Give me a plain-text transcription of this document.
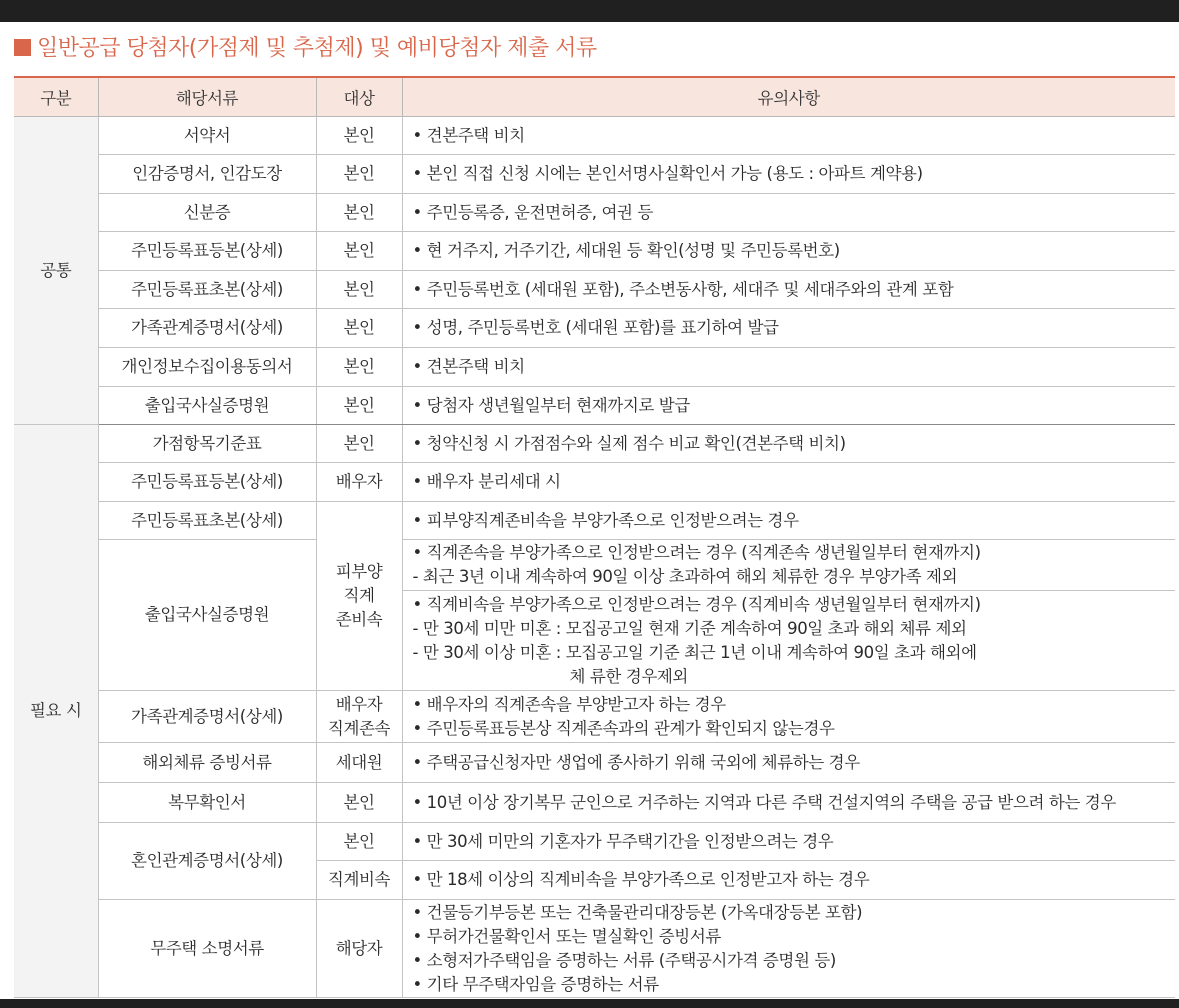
일반공급 당첨자(가점제 및 추첨제) 및 예비당첨자 제출 서류
구분	해당서류	대상	유의사항
공통	서약서	본인	• 견본주택 비치

	인감증명서, 인감도장	본인	• 본인 직접 신청 시에는 본인서명사실확인서 가능 (용도 : 아파트 계약용)

	신분증	본인	• 주민등록증, 운전면허증, 여권 등

	주민등록표등본(상세)	본인	• 현 거주지, 거주기간, 세대원 등 확인(성명 및 주민등록번호)

	주민등록표초본(상세)	본인	• 주민등록번호 (세대원 포함), 주소변동사항, 세대주 및 세대주와의 관계 포함

	가족관계증명서(상세)	본인	• 성명, 주민등록번호 (세대원 포함)를 표기하여 발급

	개인정보수집이용동의서	본인	• 견본주택 비치

	출입국사실증명원	본인	• 당첨자 생년월일부터 현재까지로 발급

필요 시	가점항목기준표	본인	• 청약신청 시 가점점수와 실제 점수 비교 확인(견본주택 비치)

	주민등록표등본(상세)	배우자	• 배우자 분리세대 시

	주민등록표초본(상세)	피부양
직계
존비속	• 피부양직계존비속을 부양가족으로 인정받으려는 경우

	출입국사실증명원		• 직계존속을 부양가족으로 인정받으려는 경우 (직계존속 생년월일부터 현재까지)
- 최근 3년 이내 계속하여 90일 이상 초과하여 해외 체류한 경우 부양가족 제외

			• 직계비속을 부양가족으로 인정받으려는 경우 (직계비속 생년월일부터 현재까지)
- 만 30세 미만 미혼 : 모집공고일 현재 기준 계속하여 90일 초과 해외 체류 제외
- 만 30세 이상 미혼 : 모집공고일 기준 최근 1년 이내 계속하여 90일 초과 해외에
체 류한 경우제외

	가족관계증명서(상세)	배우자
직계존속	• 배우자의 직계존속을 부양받고자 하는 경우
• 주민등록표등본상 직계존속과의 관계가 확인되지 않는경우

	해외체류 증빙서류	세대원	• 주택공급신청자만 생업에 종사하기 위해 국외에 체류하는 경우

	복무확인서	본인	• 10년 이상 장기복무 군인으로 거주하는 지역과 다른 주택 건설지역의 주택을 공급 받으려 하는 경우

	혼인관계증명서(상세)	본인	• 만 30세 미만의 기혼자가 무주택기간을 인정받으려는 경우

		직계비속	• 만 18세 이상의 직계비속을 부양가족으로 인정받고자 하는 경우

	무주택 소명서류	해당자	• 건물등기부등본 또는 건축물관리대장등본 (가옥대장등본 포함)
• 무허가건물확인서 또는 멸실확인 증빙서류
• 소형저가주택임을 증명하는 서류 (주택공시가격 증명원 등)
• 기타 무주택자임을 증명하는 서류
